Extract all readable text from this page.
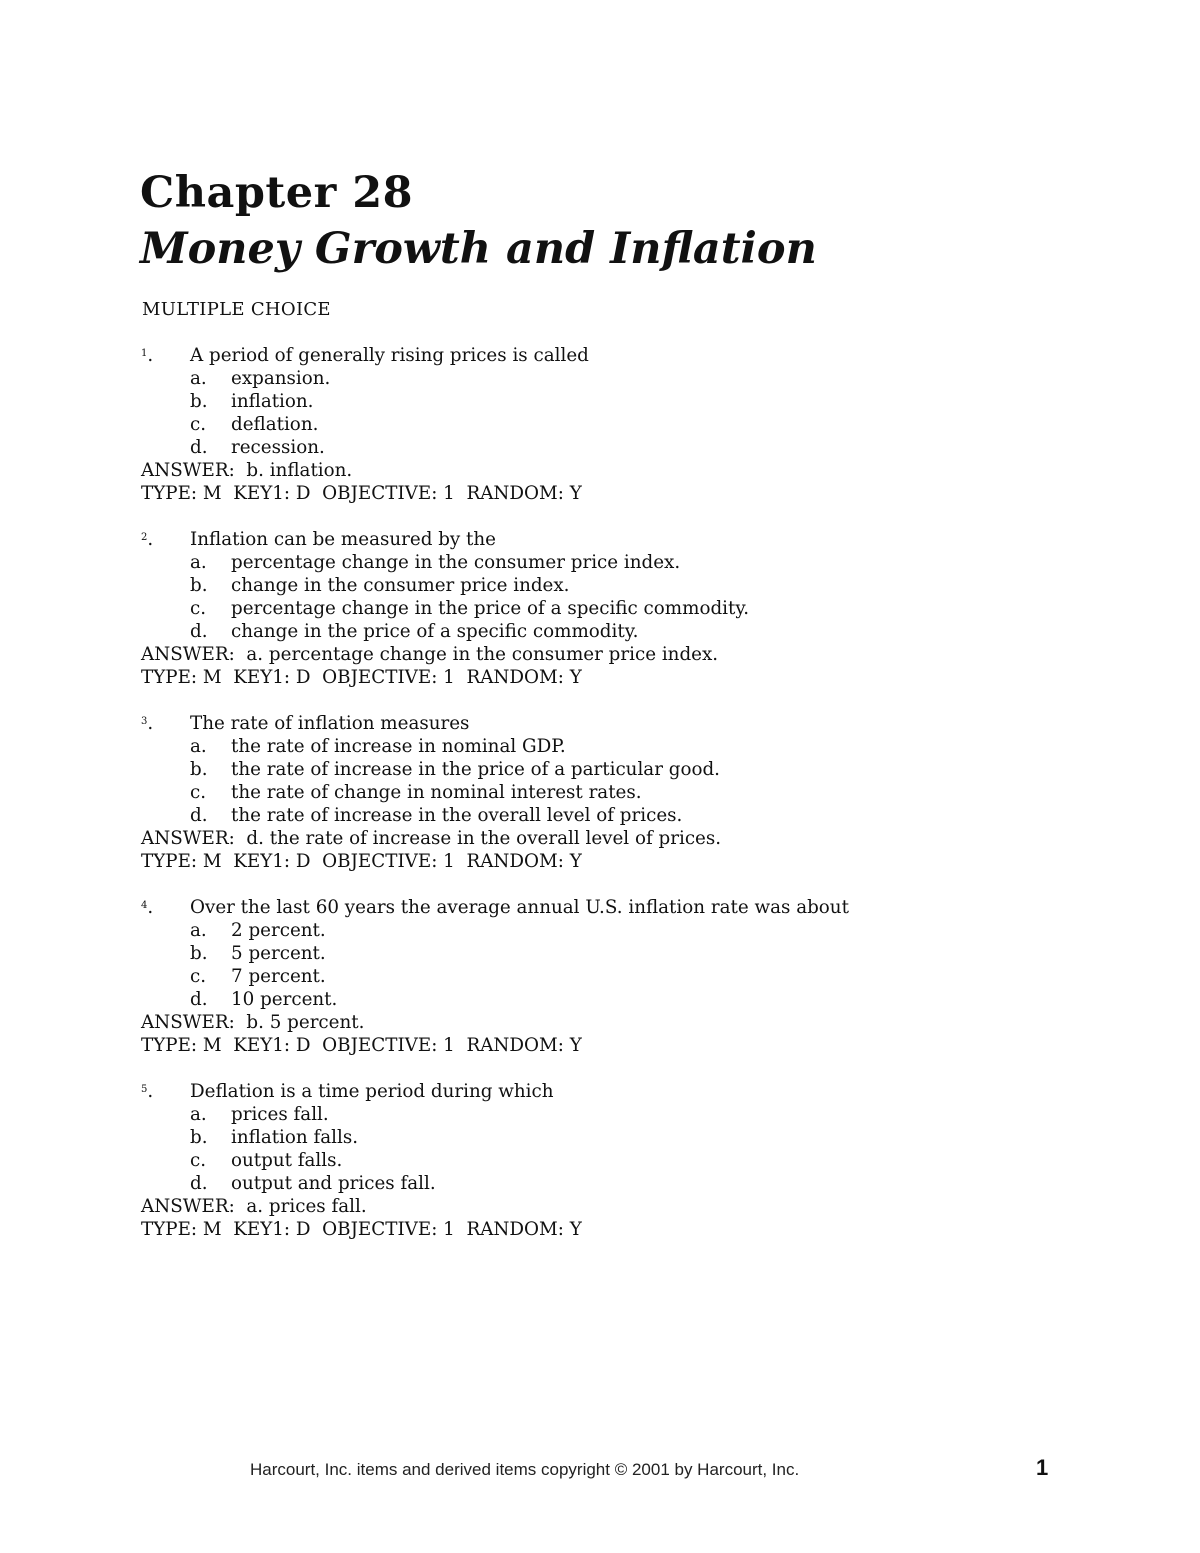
Chapter 28
Money Growth and Inflation
MULTIPLE CHOICE
$^1$.	A period of generally rising prices is called
a.	expansion.
b.	inflation.
c.	deflation.
d.	recession.
ANSWER:  b. inflation.
TYPE: M  KEY1: D  OBJECTIVE: 1  RANDOM: Y
$^2$.	Inflation can be measured by the
a.	percentage change in the consumer price index.
b.	change in the consumer price index.
c.	percentage change in the price of a specific commodity.
d.	change in the price of a specific commodity.
ANSWER:  a. percentage change in the consumer price index.
TYPE: M  KEY1: D  OBJECTIVE: 1  RANDOM: Y
$^3$.	The rate of inflation measures
a.	the rate of increase in nominal GDP.
b.	the rate of increase in the price of a particular good.
c.	the rate of change in nominal interest rates.
d.	the rate of increase in the overall level of prices.
ANSWER:  d. the rate of increase in the overall level of prices.
TYPE: M  KEY1: D  OBJECTIVE: 1  RANDOM: Y
$^4$.	Over the last 60 years the average annual U.S. inflation rate was about
a.	2 percent.
b.	5 percent.
c.	7 percent.
d.	10 percent.
ANSWER:  b. 5 percent.
TYPE: M  KEY1: D  OBJECTIVE: 1  RANDOM: Y
$^5$.	Deflation is a time period during which
a.	prices fall.
b.	inflation falls.
c.	output falls.
d.	output and prices fall.
ANSWER:  a. prices fall.
TYPE: M  KEY1: D  OBJECTIVE: 1  RANDOM: Y
Harcourt, Inc. items and derived items copyright © 2001 by Harcourt, Inc.	1
